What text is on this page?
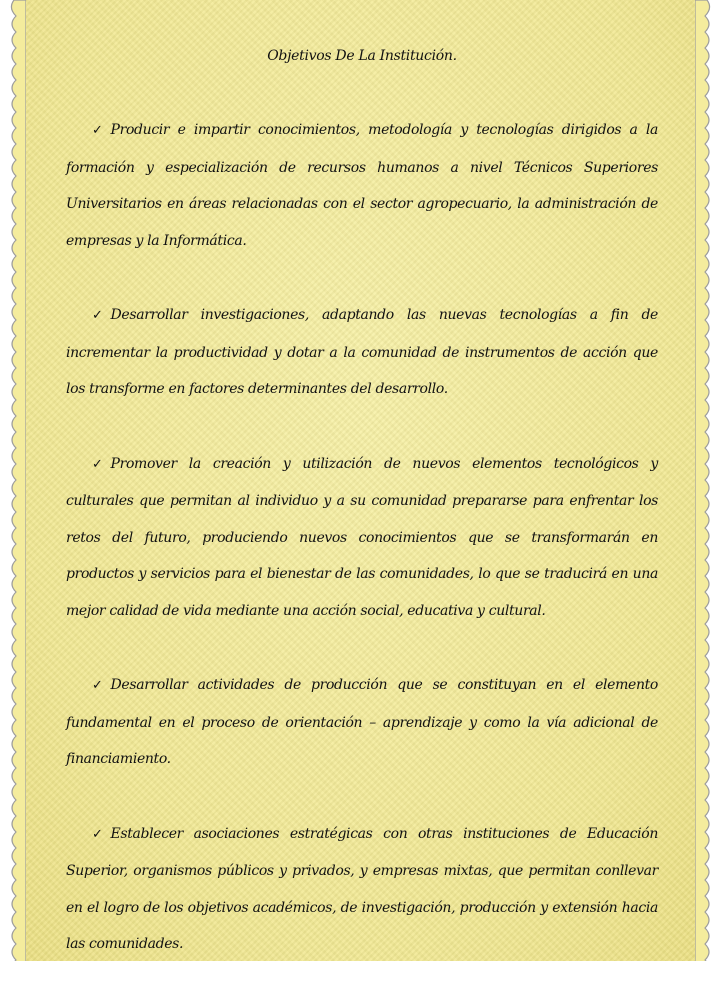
Objetivos De La Institución.

✓ Producir e impartir conocimientos, metodología y tecnologías dirigidos a la formación y especialización de recursos humanos a nivel Técnicos Superiores Universitarios en áreas relacionadas con el sector agropecuario, la administración de empresas y la Informática.

✓ Desarrollar investigaciones, adaptando las nuevas tecnologías a fin de incrementar la productividad y dotar a la comunidad de instrumentos de acción que los transforme en factores determinantes del desarrollo.

✓ Promover la creación y utilización de nuevos elementos tecnológicos y culturales que permitan al individuo y a su comunidad prepararse para enfrentar los retos del futuro, produciendo nuevos conocimientos que se transformarán en productos y servicios para el bienestar de las comunidades, lo que se traducirá en una mejor calidad de vida mediante una acción social, educativa y cultural.

✓ Desarrollar actividades de producción que se constituyan en el elemento fundamental en el proceso de orientación – aprendizaje y como la vía adicional de financiamiento.

✓ Establecer asociaciones estratégicas con otras instituciones de Educación Superior, organismos públicos y privados, y empresas mixtas, que permitan conllevar en el logro de los objetivos académicos, de investigación, producción y extensión hacia las comunidades.
